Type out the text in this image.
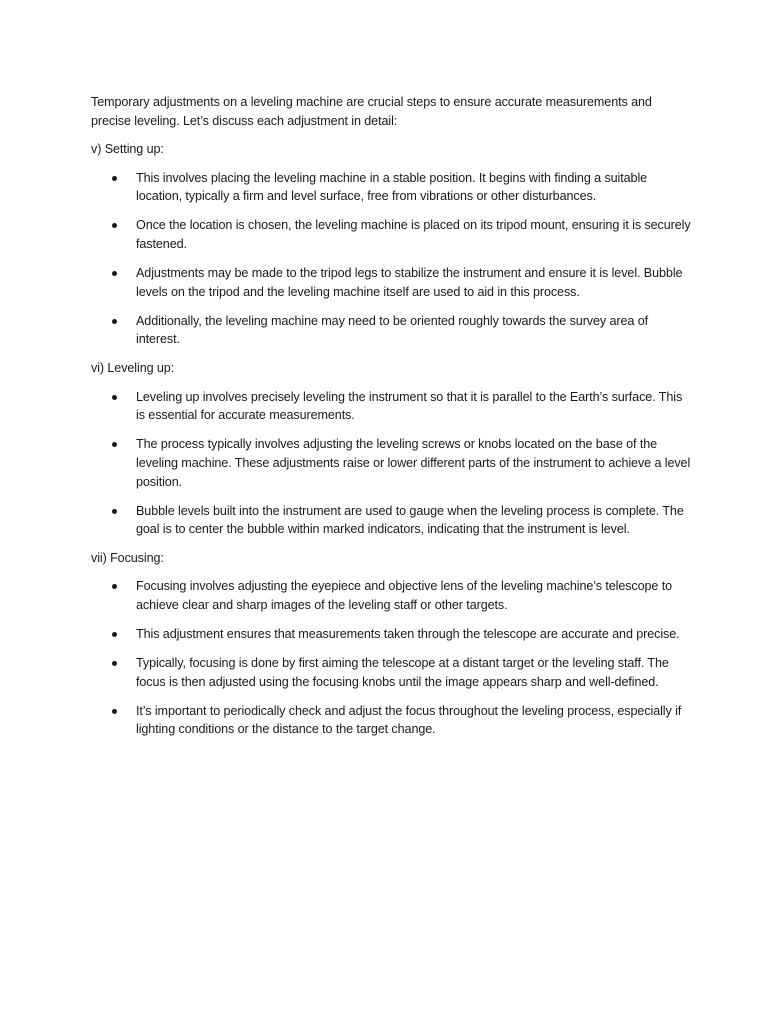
Temporary adjustments on a leveling machine are crucial steps to ensure accurate measurements and precise leveling. Let’s discuss each adjustment in detail:

v) Setting up:

This involves placing the leveling machine in a stable position. It begins with finding a suitable location, typically a firm and level surface, free from vibrations or other disturbances.
Once the location is chosen, the leveling machine is placed on its tripod mount, ensuring it is securely fastened.
Adjustments may be made to the tripod legs to stabilize the instrument and ensure it is level. Bubble levels on the tripod and the leveling machine itself are used to aid in this process.
Additionally, the leveling machine may need to be oriented roughly towards the survey area of interest.

vi) Leveling up:

Leveling up involves precisely leveling the instrument so that it is parallel to the Earth’s surface. This is essential for accurate measurements.
The process typically involves adjusting the leveling screws or knobs located on the base of the leveling machine. These adjustments raise or lower different parts of the instrument to achieve a level position.
Bubble levels built into the instrument are used to gauge when the leveling process is complete. The goal is to center the bubble within marked indicators, indicating that the instrument is level.

vii) Focusing:

Focusing involves adjusting the eyepiece and objective lens of the leveling machine’s telescope to achieve clear and sharp images of the leveling staff or other targets.
This adjustment ensures that measurements taken through the telescope are accurate and precise.
Typically, focusing is done by first aiming the telescope at a distant target or the leveling staff. The focus is then adjusted using the focusing knobs until the image appears sharp and well-defined.
It’s important to periodically check and adjust the focus throughout the leveling process, especially if lighting conditions or the distance to the target change.
